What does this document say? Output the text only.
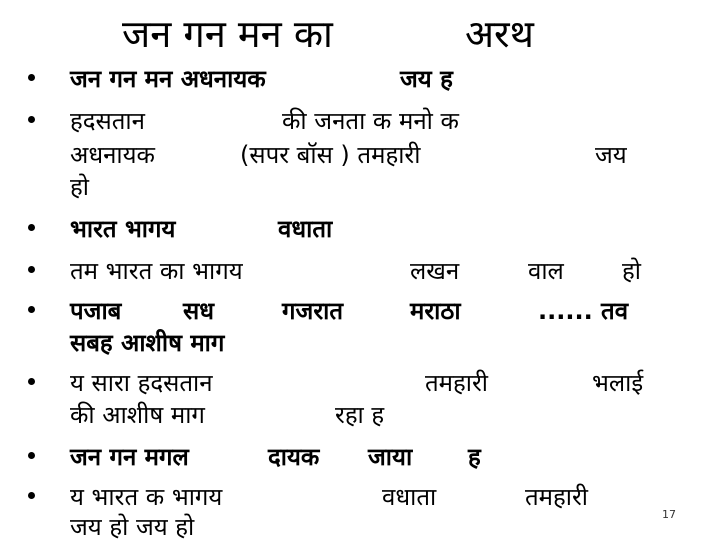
जन गन मन का	अरथ
जन गन मन अधनायक	जय ह
हदसतान	की जनता क मनो क
अधनायक	(सपर बॉस ) तमहारी	जय
हो
भारत भागय	वधाता
तम भारत का भागय	लखन	वाल हो
पजाब	सध	गजरात	मराठा	...... तव
सबह आशीष माग
य सारा हदसतान	तमहारी	भलाई
की आशीष माग	रहा ह
जन गन मगल	दायक जाया ह
य भारत क भागय	वधाता	तमहारी
जय हो जय हो	17
